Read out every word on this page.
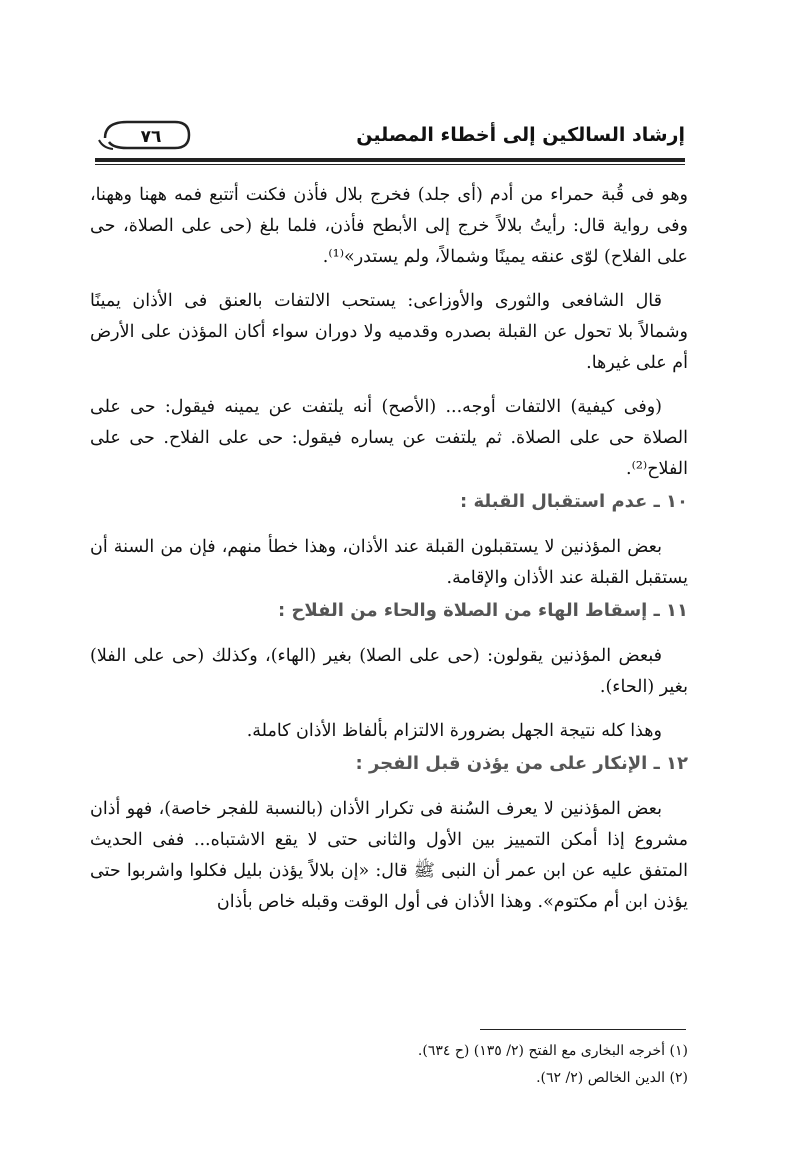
إرشاد السالكين إلى أخطاء المصلين
٧٦

وهو فى قُبة حمراء من أدم (أى جلد) فخرج بلال فأذن فكنت أتتبع فمه ههنا وههنا، وفى رواية قال: رأيتُ بلالاً خرج إلى الأبطح فأذن، فلما بلغ (حى على الصلاة، حى على الفلاح) لوّى عنقه يمينًا وشمالاً، ولم يستدر»⁽¹⁾.

قال الشافعى والثورى والأوزاعى: يستحب الالتفات بالعنق فى الأذان يمينًا وشمالاً بلا تحول عن القبلة بصدره وقدميه ولا دوران سواء أكان المؤذن على الأرض أم على غيرها.

(وفى كيفية) الالتفات أوجه... (الأصح) أنه يلتفت عن يمينه فيقول: حى على الصلاة حى على الصلاة. ثم يلتفت عن يساره فيقول: حى على الفلاح. حى على الفلاح⁽²⁾.

١٠ ـ عدم استقبال القبلة :

بعض المؤذنين لا يستقبلون القبلة عند الأذان، وهذا خطأ منهم، فإن من السنة أن يستقبل القبلة عند الأذان والإقامة.

١١ ـ إسقاط الهاء من الصلاة والحاء من الفلاح :

فبعض المؤذنين يقولون: (حى على الصلا) بغير (الهاء)، وكذلك (حى على الفلا) بغير (الحاء).

وهذا كله نتيجة الجهل بضرورة الالتزام بألفاظ الأذان كاملة.

١٢ ـ الإنكار على من يؤذن قبل الفجر :

بعض المؤذنين لا يعرف السُنة فى تكرار الأذان (بالنسبة للفجر خاصة)، فهو أذان مشروع إذا أمكن التمييز بين الأول والثانى حتى لا يقع الاشتباه... ففى الحديث المتفق عليه عن ابن عمر أن النبى ﷺ قال: «إن بلالاً يؤذن بليل فكلوا واشربوا حتى يؤذن ابن أم مكتوم». وهذا الأذان فى أول الوقت وقبله خاص بأذان

(١) أخرجه البخارى مع الفتح (٢/ ١٣٥) (ح ٦٣٤).

(٢) الدين الخالص (٢/ ٦٢).
